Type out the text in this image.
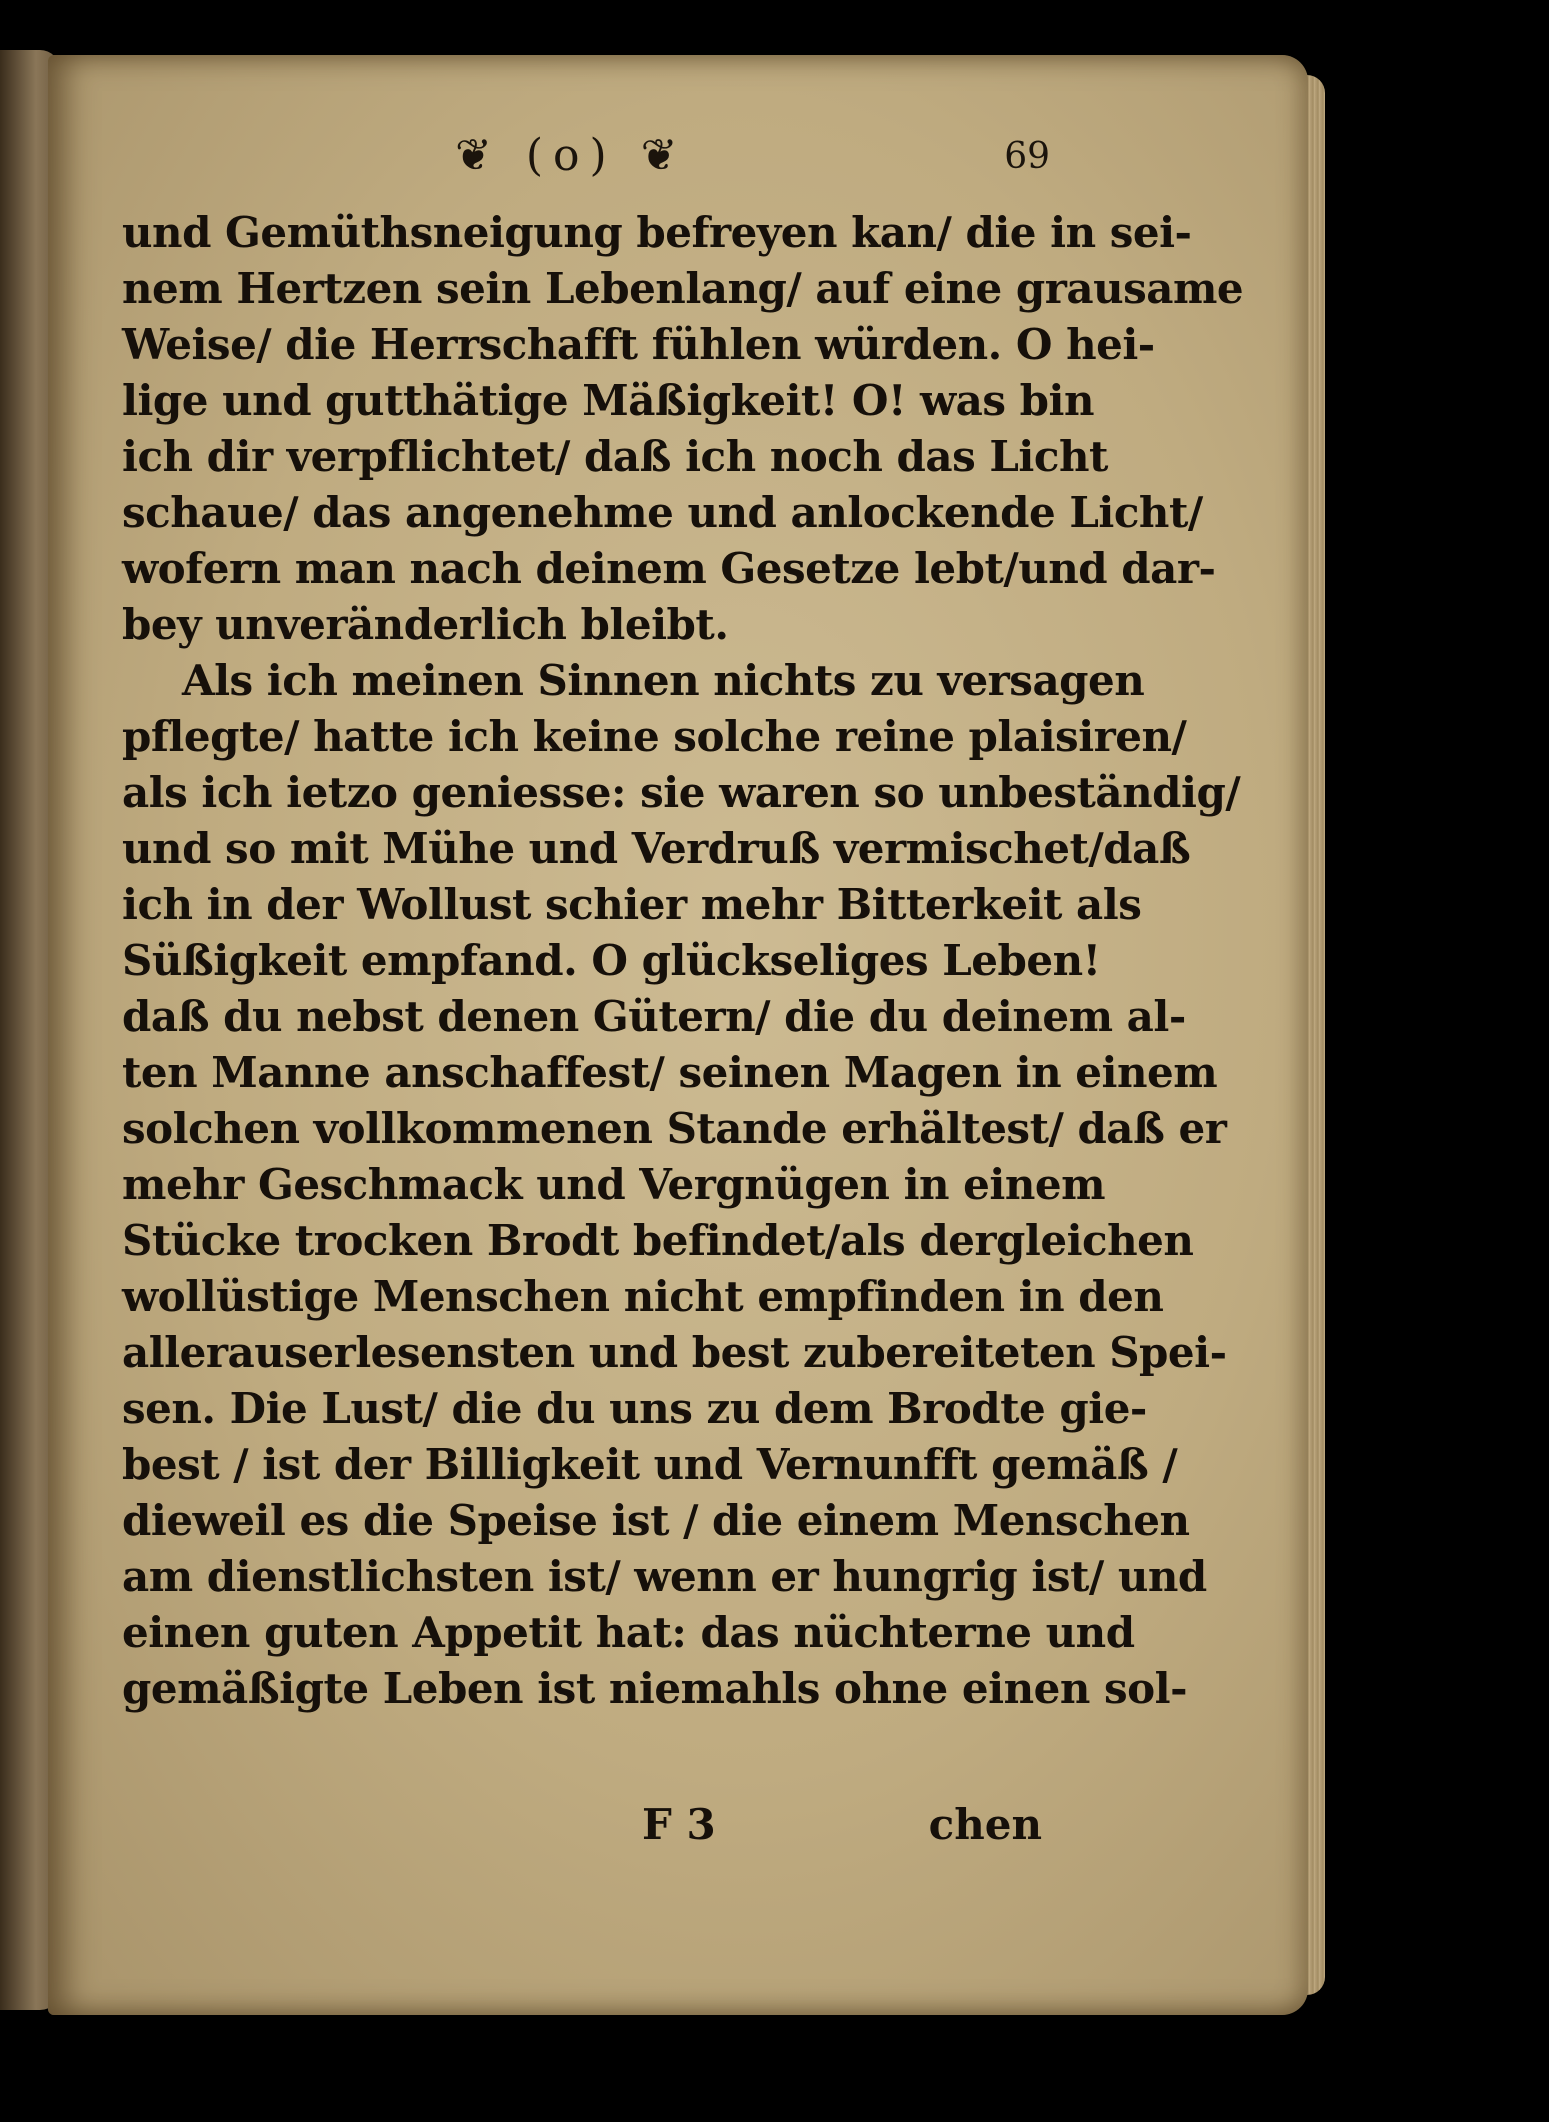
❦ (o) ❦	69
und Gemüthsneigung befreyen kan/ die in sei-
nem Hertzen sein Lebenlang/ auf eine grausame
Weise/ die Herrschafft fühlen würden. O hei-
lige und gutthätige Mäßigkeit! O! was bin
ich dir verpflichtet/ daß ich noch das Licht
schaue/ das angenehme und anlockende Licht/
wofern man nach deinem Gesetze lebt/und dar-
bey unveränderlich bleibt.
Als ich meinen Sinnen nichts zu versagen
pflegte/ hatte ich keine solche reine plaisiren/
als ich ietzo geniesse: sie waren so unbeständig/
und so mit Mühe und Verdruß vermischet/daß
ich in der Wollust schier mehr Bitterkeit als
Süßigkeit empfand. O glückseliges Leben!
daß du nebst denen Gütern/ die du deinem al-
ten Manne anschaffest/ seinen Magen in einem
solchen vollkommenen Stande erhältest/ daß er
mehr Geschmack und Vergnügen in einem
Stücke trocken Brodt befindet/als dergleichen
wollüstige Menschen nicht empfinden in den
allerauserlesensten und best zubereiteten Spei-
sen. Die Lust/ die du uns zu dem Brodte gie-
best / ist der Billigkeit und Vernunfft gemäß /
dieweil es die Speise ist / die einem Menschen
am dienstlichsten ist/ wenn er hungrig ist/ und
einen guten Appetit hat: das nüchterne und
gemäßigte Leben ist niemahls ohne einen sol-
F 3	chen
